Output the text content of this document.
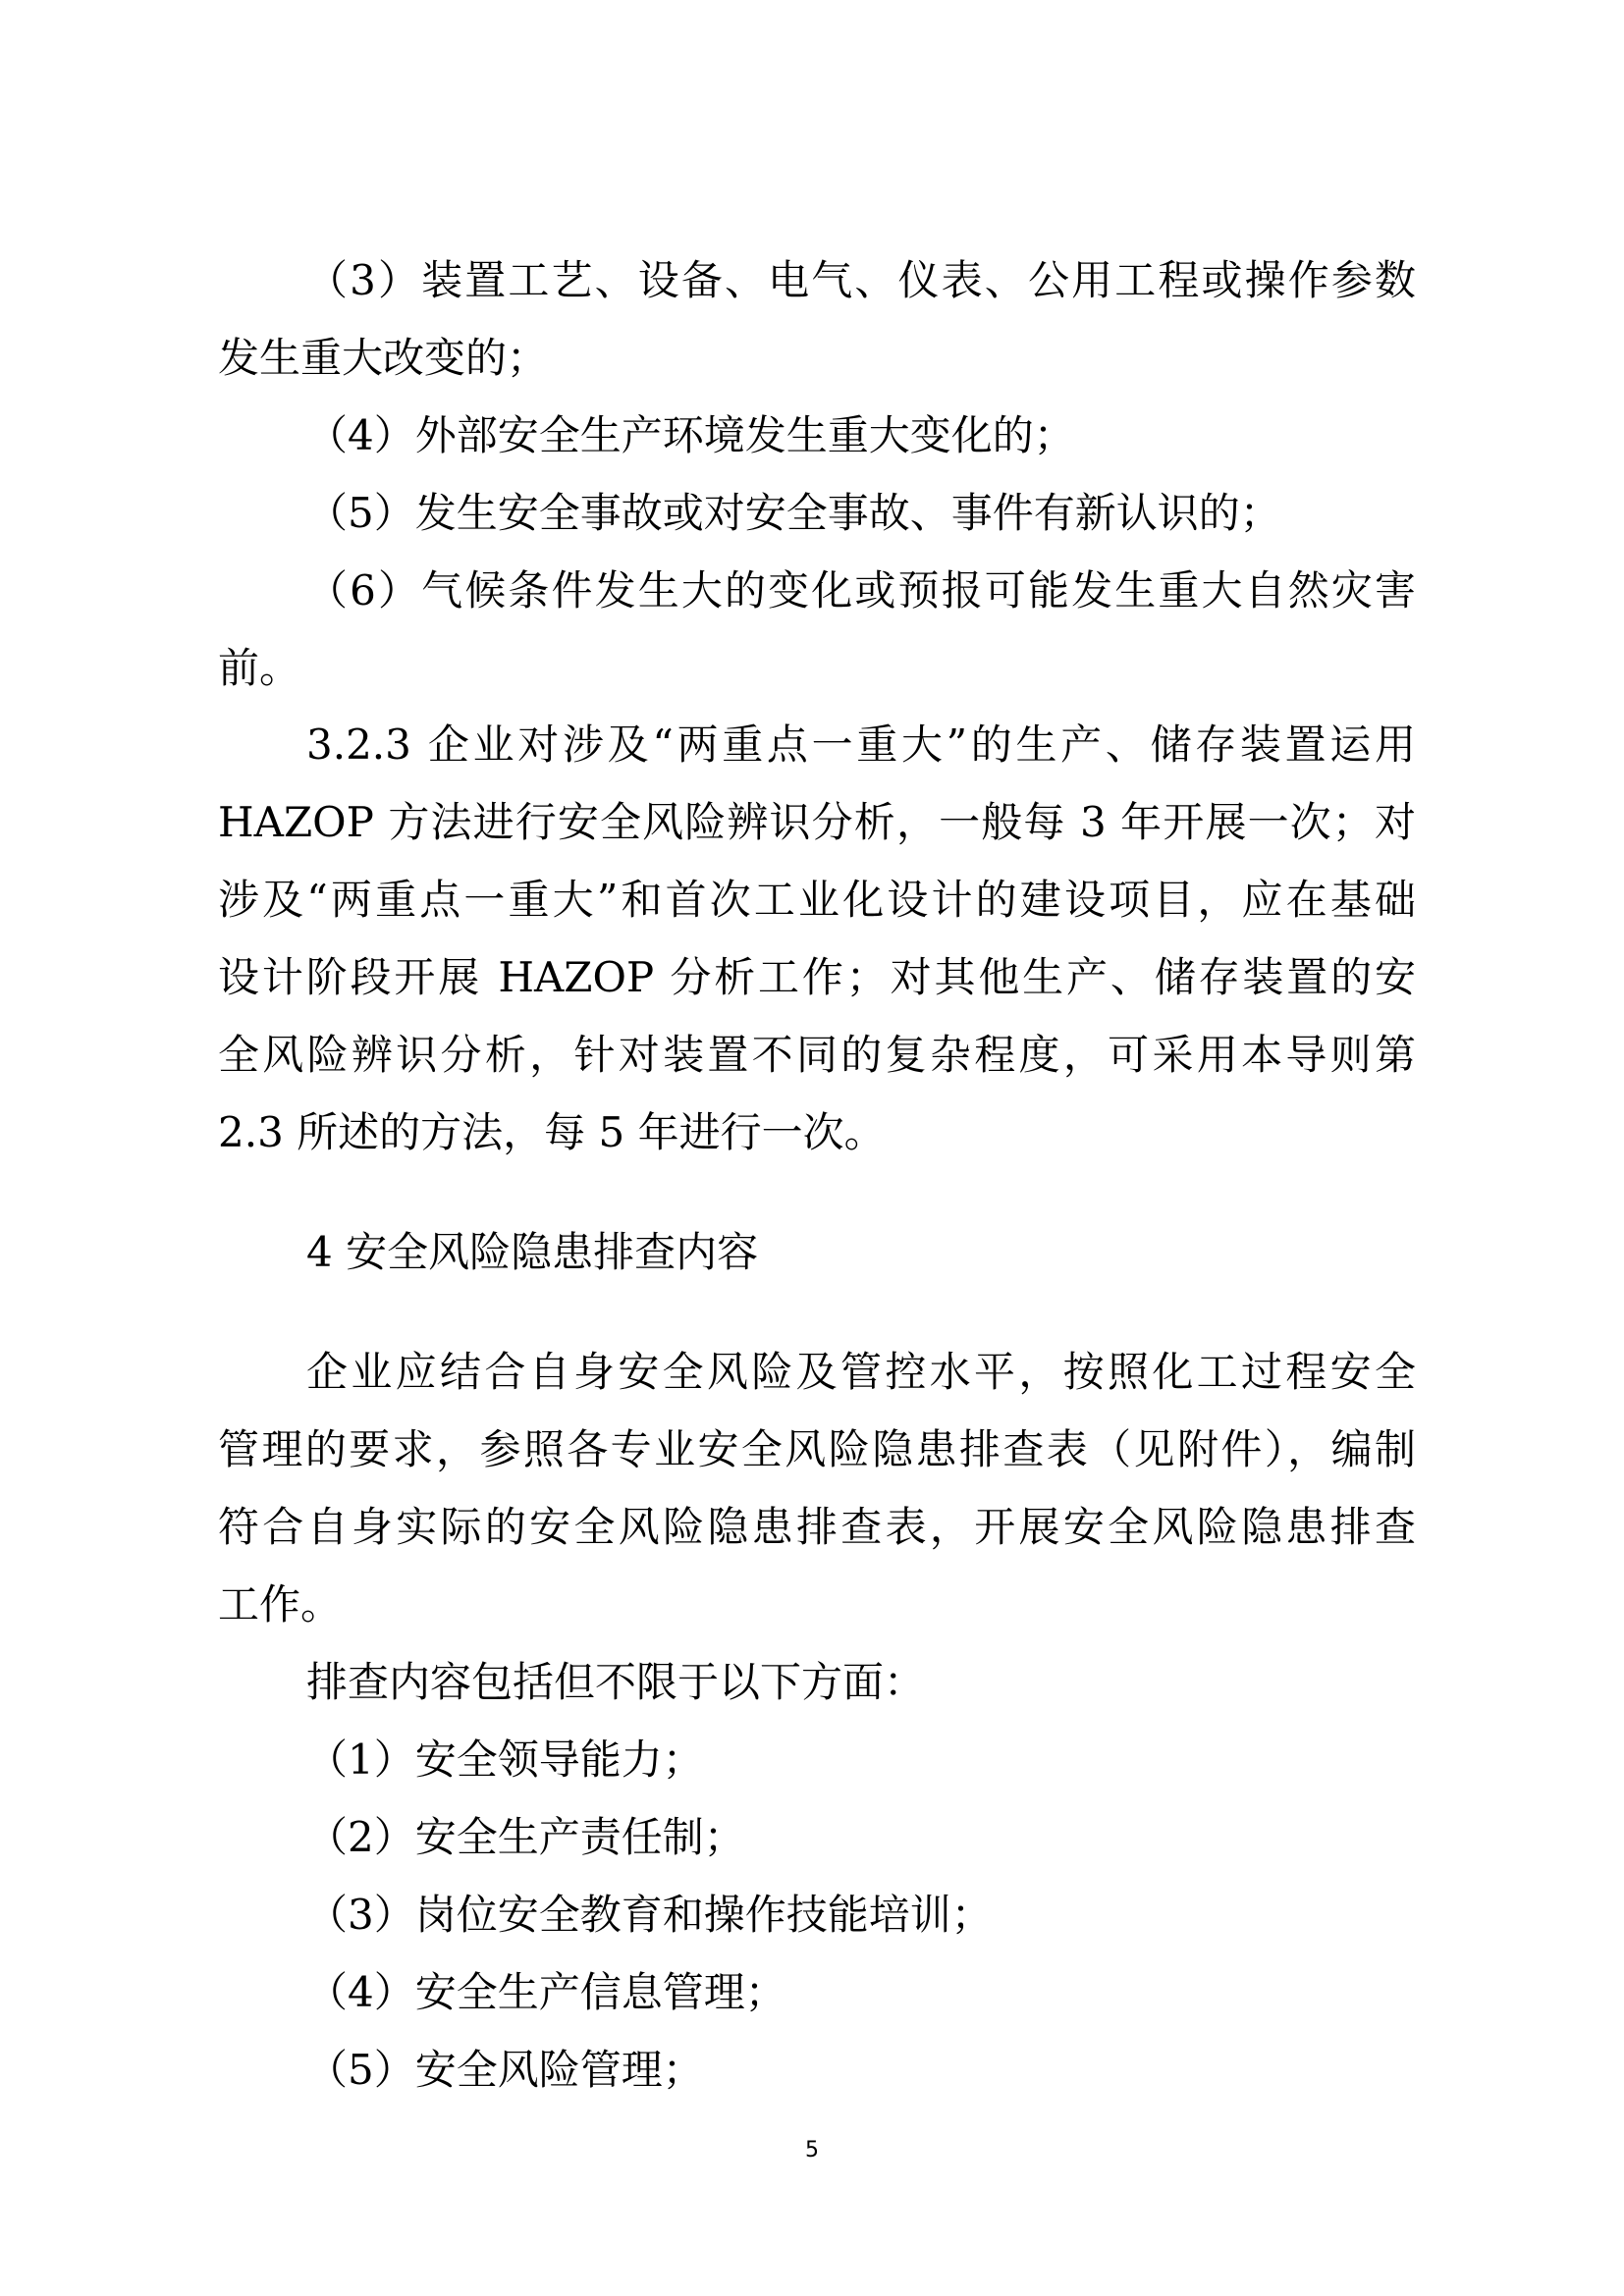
（3）装置工艺、设备、电气、仪表、公用工程或操作参数
发生重大改变的；
（4）外部安全生产环境发生重大变化的；
（5）发生安全事故或对安全事故、事件有新认识的；
（6）气候条件发生大的变化或预报可能发生重大自然灾害
前。
3.2.3 企业对涉及“两重点一重大”的生产、储存装置运用
HAZOP 方法进行安全风险辨识分析，一般每 3 年开展一次；对
涉及“两重点一重大”和首次工业化设计的建设项目，应在基础
设计阶段开展 HAZOP 分析工作；对其他生产、储存装置的安
全风险辨识分析，针对装置不同的复杂程度，可采用本导则第
2.3 所述的方法，每 5 年进行一次。
4 安全风险隐患排查内容
企业应结合自身安全风险及管控水平，按照化工过程安全
管理的要求，参照各专业安全风险隐患排查表（见附件），编制
符合自身实际的安全风险隐患排查表，开展安全风险隐患排查
工作。
排查内容包括但不限于以下方面：
（1）安全领导能力；
（2）安全生产责任制；
（3）岗位安全教育和操作技能培训；
（4）安全生产信息管理；
（5）安全风险管理；
5
